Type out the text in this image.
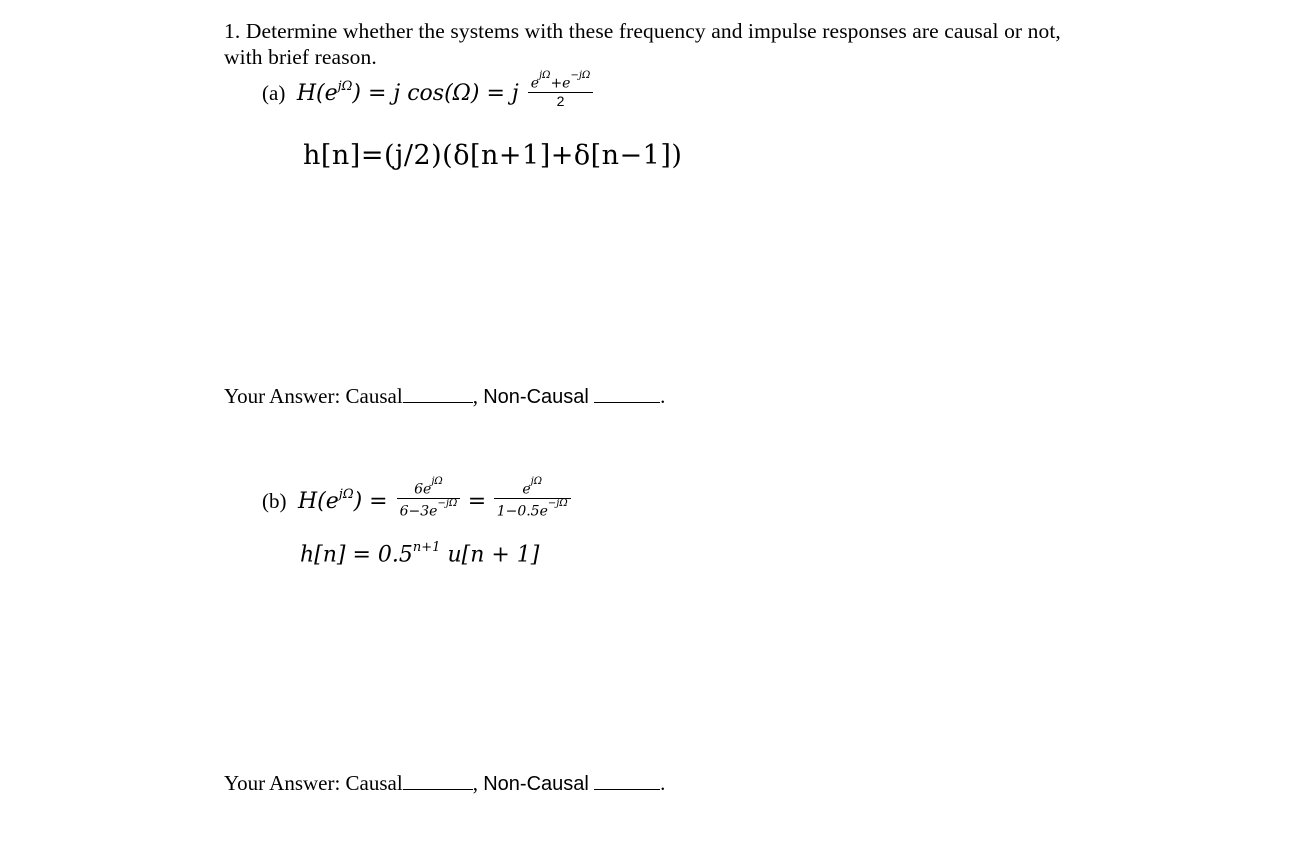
1. Determine whether the systems with these frequency and impulse responses are causal or not,
with brief reason.
(a) $H(e^{j\Omega}) = j$ cos(Ω) = j $\frac{e^{j\Omega}+e^{-j\Omega}}{2}$
h[n]=(j/2)(δ[n+1]+δ[n−1])
Your Answer: Causal	, Non-Causal	.
(b) $H(e^{j\Omega}) = \frac{6e^{j\Omega}}{6-3e^{-j\Omega}} = \frac{e^{j\Omega}}{1-0.5e^{-j\Omega}}$
$h[n] = 0.5^{n+1}$ u[n + 1]
Your Answer: Causal	, Non-Causal	.
